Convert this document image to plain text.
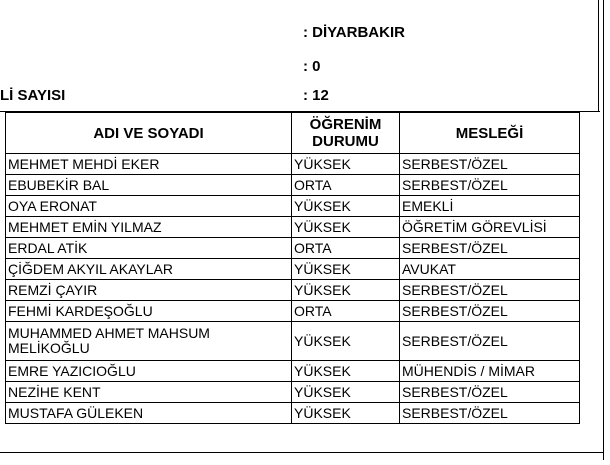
: DİYARBAKIR
: 0
Lİ SAYISI	: 12
ADI VE SOYADI	ÖĞRENİM DURUMU	MESLEĞİ
MEHMET MEHDİ EKER	YÜKSEK	SERBEST/ÖZEL
EBUBEKİR BAL	ORTA	SERBEST/ÖZEL
OYA ERONAT	YÜKSEK	EMEKLİ
MEHMET EMİN YILMAZ	YÜKSEK	ÖĞRETİM GÖREVLİSİ
ERDAL ATİK	ORTA	SERBEST/ÖZEL
ÇİĞDEM AKYIL AKAYLAR	YÜKSEK	AVUKAT
REMZİ ÇAYIR	YÜKSEK	SERBEST/ÖZEL
FEHMİ KARDEŞOĞLU	ORTA	SERBEST/ÖZEL
MUHAMMED AHMET MAHSUM MELİKOĞLU	YÜKSEK	SERBEST/ÖZEL
EMRE YAZICIOĞLU	YÜKSEK	MÜHENDİS / MİMAR
NEZİHE KENT	YÜKSEK	SERBEST/ÖZEL
MUSTAFA GÜLEKEN	YÜKSEK	SERBEST/ÖZEL
